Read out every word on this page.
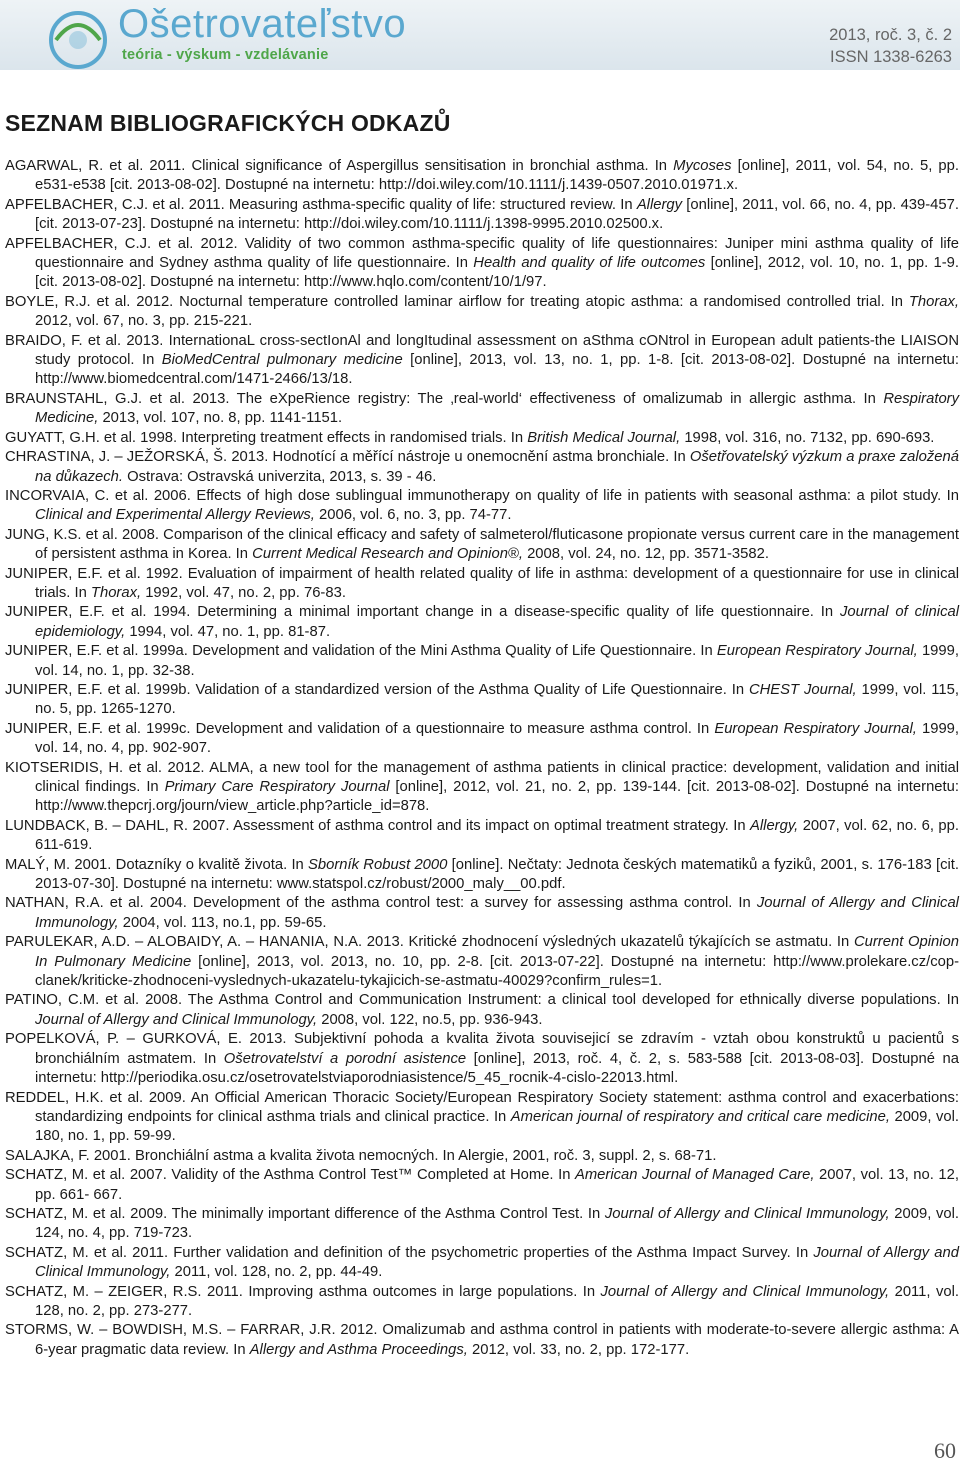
Ošetrovateľstvo
teória - výskum - vzdelávanie
2013, roč. 3, č. 2
ISSN 1338-6263
SEZNAM BIBLIOGRAFICKÝCH ODKAZŮ

AGARWAL, R. et al. 2011. Clinical significance of Aspergillus sensitisation in bronchial asthma. In Mycoses [online], 2011, vol. 54, no. 5, pp. e531-e538 [cit. 2013-08-02]. Dostupné na internetu: http://doi.wiley.com/10.1111/j.1439-0507.2010.01971.x.

APFELBACHER, C.J. et al. 2011. Measuring asthma-specific quality of life: structured review. In Allergy [online], 2011, vol. 66, no. 4, pp. 439-457. [cit. 2013-07-23]. Dostupné na internetu: http://doi.wiley.com/10.1111/j.1398-9995.2010.02500.x.

APFELBACHER, C.J. et al. 2012. Validity of two common asthma-specific quality of life questionnaires: Juniper mini asthma quality of life questionnaire and Sydney asthma quality of life questionnaire. In Health and quality of life outcomes [online], 2012, vol. 10, no. 1, pp. 1-9. [cit. 2013-08-02]. Dostupné na internetu: http://www.hqlo.com/content/10/1/97.

BOYLE, R.J. et al. 2012. Nocturnal temperature controlled laminar airflow for treating atopic asthma: a randomised controlled trial. In Thorax, 2012, vol. 67, no. 3, pp. 215-221.

BRAIDO, F. et al. 2013. InternationaL cross-sectIonAl and longItudinal assessment on aSthma cONtrol in European adult patients-the LIAISON study protocol. In BioMedCentral pulmonary medicine [online], 2013, vol. 13, no. 1, pp. 1-8. [cit. 2013-08-02]. Dostupné na internetu: http://www.biomedcentral.com/1471-2466/13/18.

BRAUNSTAHL, G.J. et al. 2013. The eXpeRience registry: The ‚real-world‘ effectiveness of omalizumab in allergic asthma. In Respiratory Medicine, 2013, vol. 107, no. 8, pp. 1141-1151.

GUYATT, G.H. et al. 1998. Interpreting treatment effects in randomised trials. In British Medical Journal, 1998, vol. 316, no. 7132, pp. 690-693.

CHRASTINA, J. – JEŽORSKÁ, Š. 2013. Hodnotící a měřící nástroje u onemocnění astma bronchiale. In Ošetřovatelský výzkum a praxe založená na důkazech. Ostrava: Ostravská univerzita, 2013, s. 39 - 46.

INCORVAIA, C. et al. 2006. Effects of high dose sublingual immunotherapy on quality of life in patients with seasonal asthma: a pilot study. In Clinical and Experimental Allergy Reviews, 2006, vol. 6, no. 3, pp. 74-77.

JUNG, K.S. et al. 2008. Comparison of the clinical efficacy and safety of salmeterol/fluticasone propionate versus current care in the management of persistent asthma in Korea. In Current Medical Research and Opinion®, 2008, vol. 24, no. 12, pp. 3571-3582.

JUNIPER, E.F. et al. 1992. Evaluation of impairment of health related quality of life in asthma: development of a questionnaire for use in clinical trials. In Thorax, 1992, vol. 47, no. 2, pp. 76-83.

JUNIPER, E.F. et al. 1994. Determining a minimal important change in a disease-specific quality of life questionnaire. In Journal of clinical epidemiology, 1994, vol. 47, no. 1, pp. 81-87.

JUNIPER, E.F. et al. 1999a. Development and validation of the Mini Asthma Quality of Life Questionnaire. In European Respiratory Journal, 1999, vol. 14, no. 1, pp. 32-38.

JUNIPER, E.F. et al. 1999b. Validation of a standardized version of the Asthma Quality of Life Questionnaire. In CHEST Journal, 1999, vol. 115, no. 5, pp. 1265-1270.

JUNIPER, E.F. et al. 1999c. Development and validation of a questionnaire to measure asthma control. In European Respiratory Journal, 1999, vol. 14, no. 4, pp. 902-907.

KIOTSERIDIS, H. et al. 2012. ALMA, a new tool for the management of asthma patients in clinical practice: development, validation and initial clinical findings. In Primary Care Respiratory Journal [online], 2012, vol. 21, no. 2, pp. 139-144. [cit. 2013-08-02]. Dostupné na internetu: http://www.thepcrj.org/journ/view_article.php?article_id=878.

LUNDBACK, B. – DAHL, R. 2007. Assessment of asthma control and its impact on optimal treatment strategy. In Allergy, 2007, vol. 62, no. 6, pp. 611-619.

MALÝ, M. 2001. Dotazníky o kvalitě života. In Sborník Robust 2000 [online]. Nečtaty: Jednota českých matematiků a fyziků, 2001, s. 176-183 [cit. 2013-07-30]. Dostupné na internetu: www.statspol.cz/robust/2000_maly__00.pdf.

NATHAN, R.A. et al. 2004. Development of the asthma control test: a survey for assessing asthma control. In Journal of Allergy and Clinical Immunology, 2004, vol. 113, no.1, pp. 59-65.

PARULEKAR, A.D. – ALOBAIDY, A. – HANANIA, N.A. 2013. Kritické zhodnocení výsledných ukazatelů týkajících se astmatu. In Current Opinion In Pulmonary Medicine [online], 2013, vol. 2013, no. 10, pp. 2-8. [cit. 2013-07-22]. Dostupné na internetu: http://www.prolekare.cz/cop-clanek/kriticke-zhodnoceni-vyslednych-ukazatelu-tykajicich-se-astmatu-40029?confirm_rules=1.

PATINO, C.M. et al. 2008. The Asthma Control and Communication Instrument: a clinical tool developed for ethnically diverse populations. In Journal of Allergy and Clinical Immunology, 2008, vol. 122, no.5, pp. 936-943.

POPELKOVÁ, P. – GURKOVÁ, E. 2013. Subjektivní pohoda a kvalita života souvisejicí se zdravím - vztah obou konstruktů u pacientů s bronchiálním astmatem. In Ošetrovatelství a porodní asistence [online], 2013, roč. 4, č. 2, s. 583-588 [cit. 2013-08-03]. Dostupné na internetu: http://periodika.osu.cz/osetrovatelstviaporodniasistence/5_45_rocnik-4-cislo-22013.html.

REDDEL, H.K. et al. 2009. An Official American Thoracic Society/European Respiratory Society statement: asthma control and exacerbations: standardizing endpoints for clinical asthma trials and clinical practice. In American journal of respiratory and critical care medicine, 2009, vol. 180, no. 1, pp. 59-99.

SALAJKA, F. 2001. Bronchiální astma a kvalita života nemocných. In Alergie, 2001, roč. 3, suppl. 2, s. 68-71.

SCHATZ, M. et al. 2007. Validity of the Asthma Control Test™ Completed at Home. In American Journal of Managed Care, 2007, vol. 13, no. 12, pp. 661- 667.

SCHATZ, M. et al. 2009. The minimally important difference of the Asthma Control Test. In Journal of Allergy and Clinical Immunology, 2009, vol. 124, no. 4, pp. 719-723.

SCHATZ, M. et al. 2011. Further validation and definition of the psychometric properties of the Asthma Impact Survey. In Journal of Allergy and Clinical Immunology, 2011, vol. 128, no. 2, pp. 44-49.

SCHATZ, M. – ZEIGER, R.S. 2011. Improving asthma outcomes in large populations. In Journal of Allergy and Clinical Immunology, 2011, vol. 128, no. 2, pp. 273-277.

STORMS, W. – BOWDISH, M.S. – FARRAR, J.R. 2012. Omalizumab and asthma control in patients with moderate-to-severe allergic asthma: A 6-year pragmatic data review. In Allergy and Asthma Proceedings, 2012, vol. 33, no. 2, pp. 172-177.

60
